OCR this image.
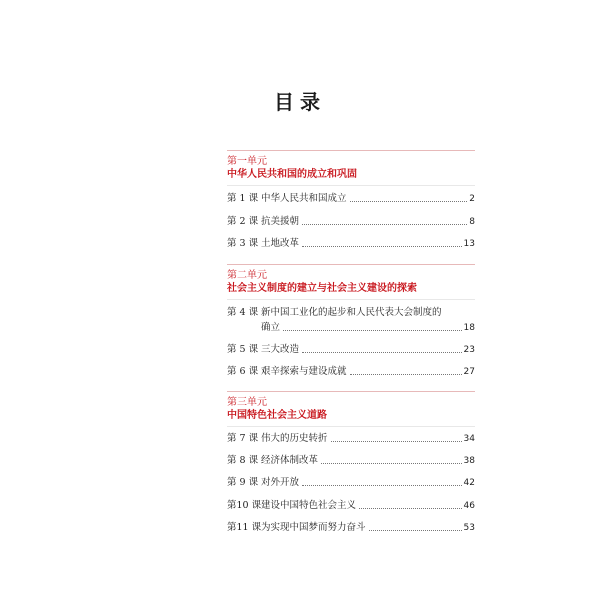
目录
第一单元
中华人民共和国的成立和巩固
第 1 课 中华人民共和国成立	2
第 2 课 抗美援朝	8
第 3 课 土地改革	13
第二单元
社会主义制度的建立与社会主义建设的探索
第 4 课 新中国工业化的起步和人民代表大会制度的
确立	18
第 5 课 三大改造	23
第 6 课 艰辛探索与建设成就	27
第三单元
中国特色社会主义道路
第 7 课 伟大的历史转折	34
第 8 课 经济体制改革	38
第 9 课 对外开放	42
第10 课 建设中国特色社会主义	46
第11 课 为实现中国梦而努力奋斗	53
